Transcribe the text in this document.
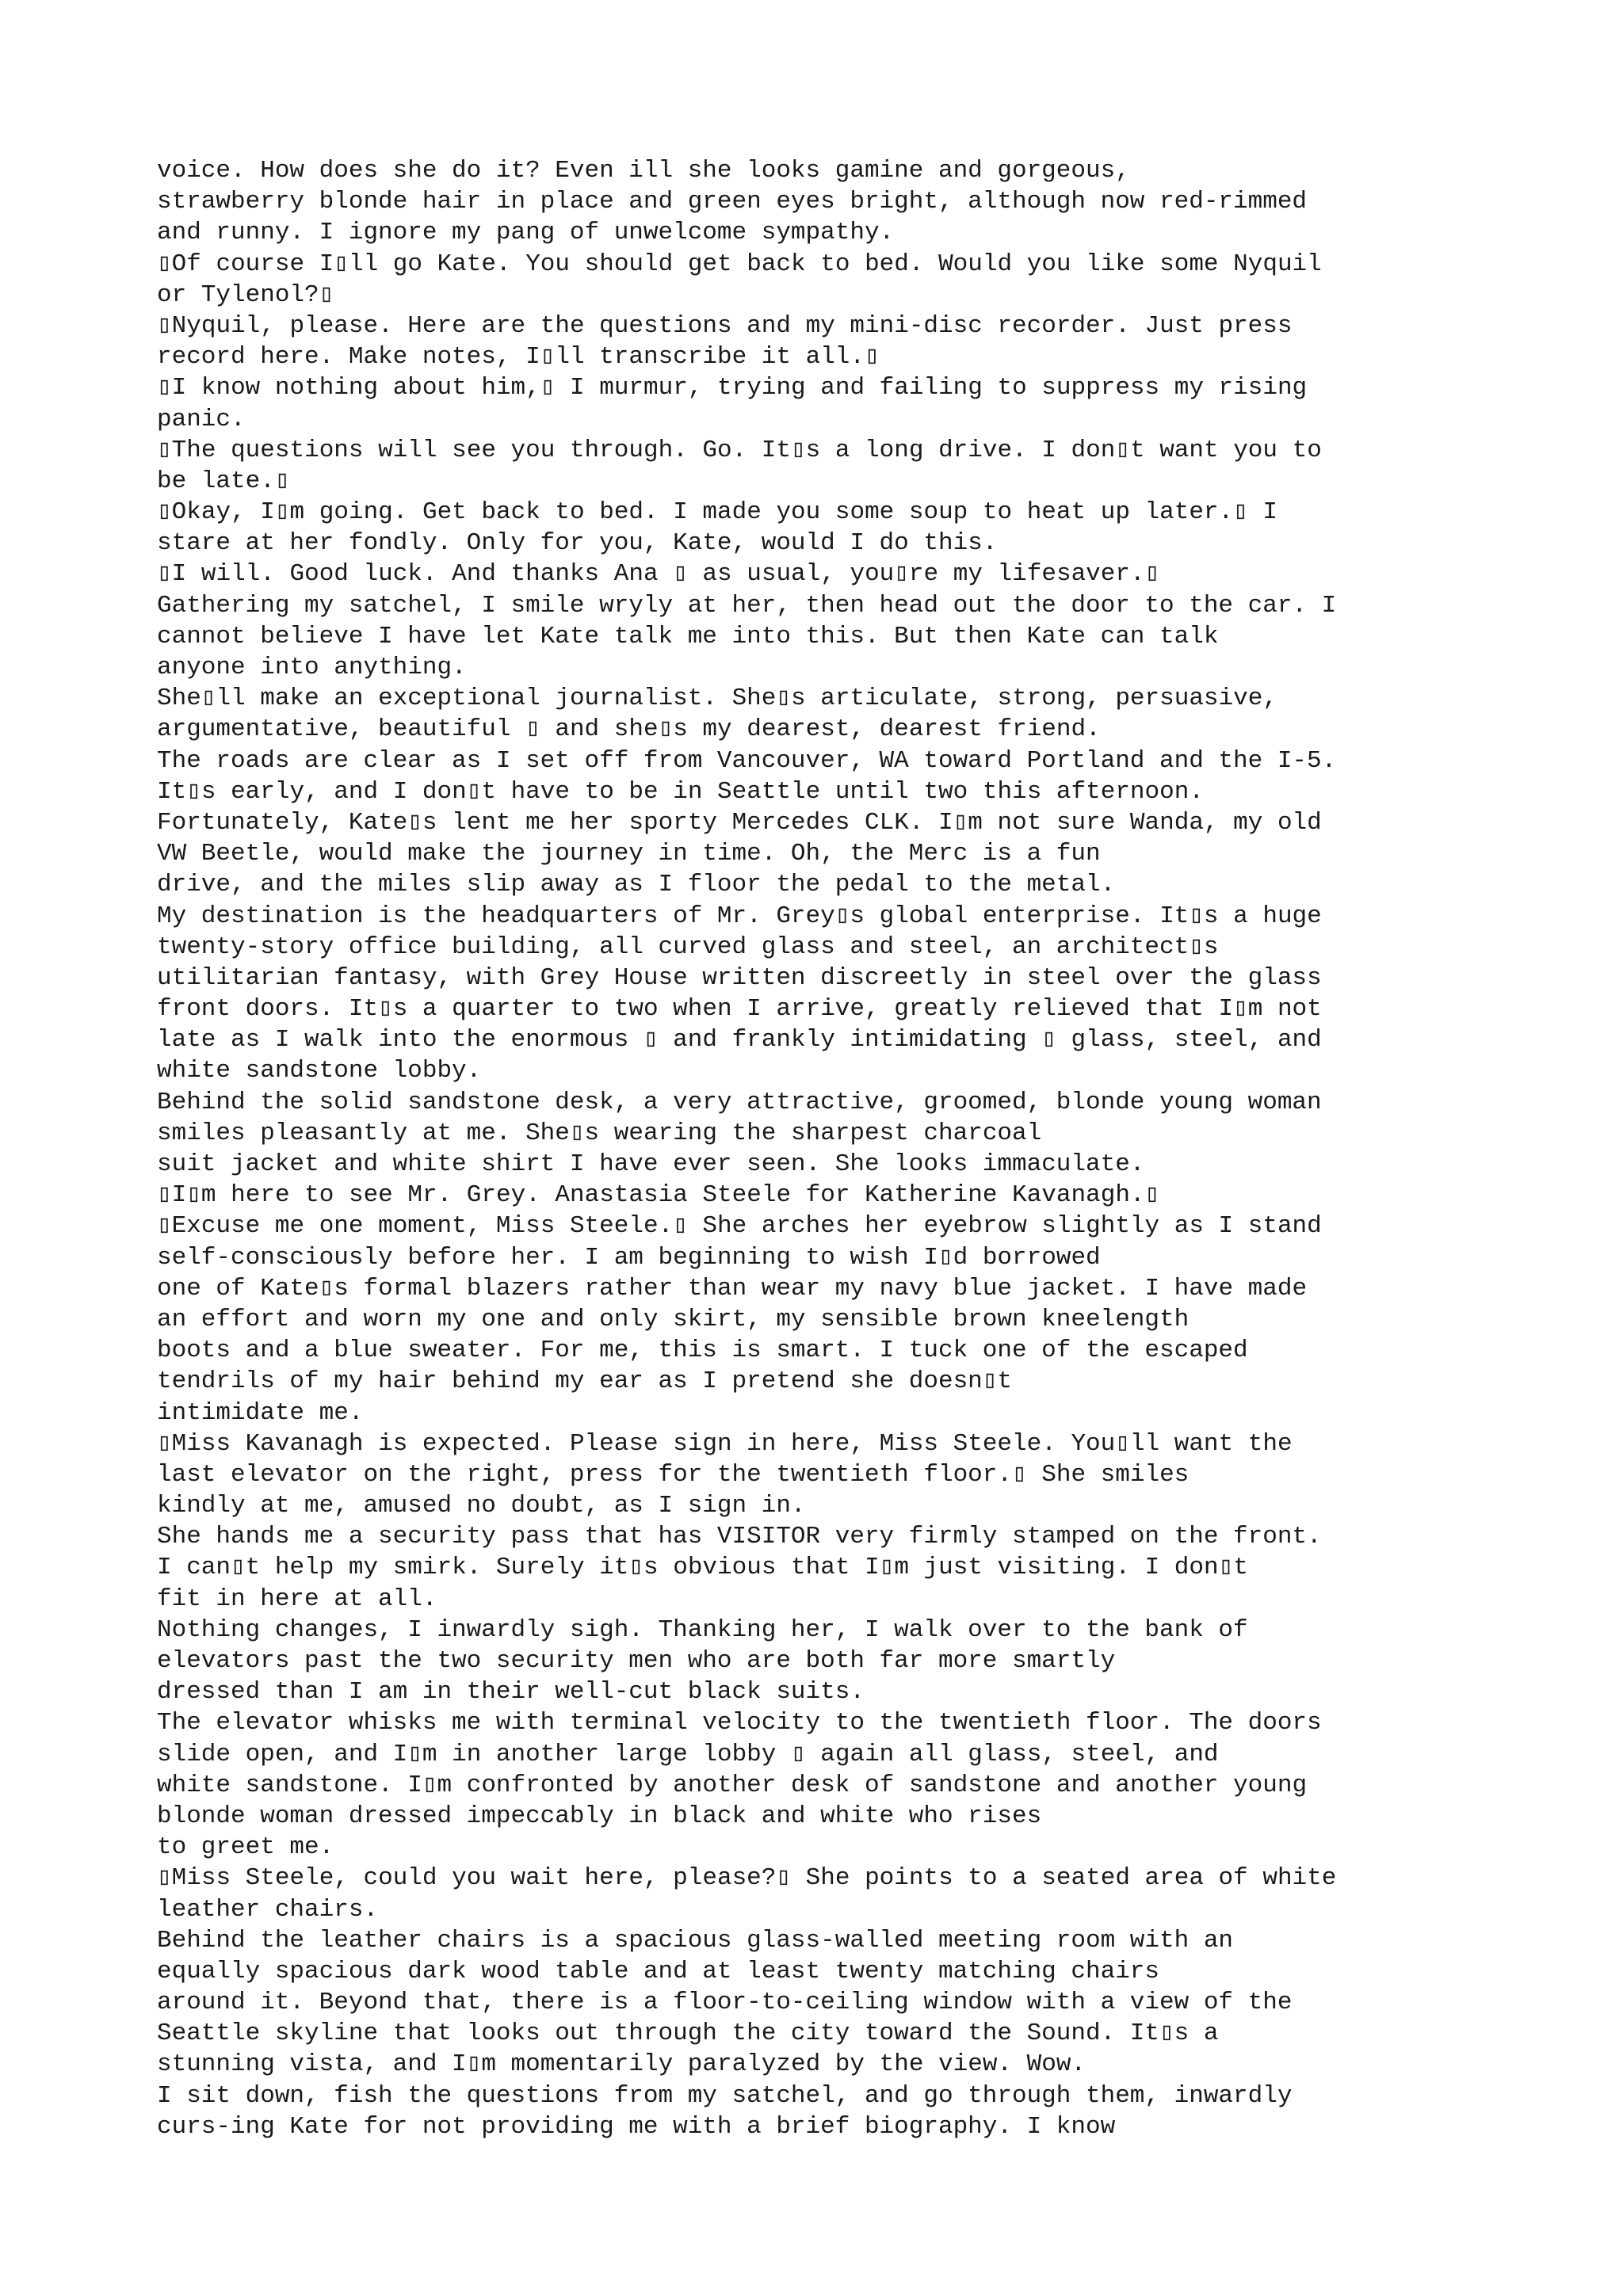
voice. How does she do it? Even ill she looks gamine and gorgeous,
strawberry blonde hair in place and green eyes bright, although now red-rimmed
and runny. I ignore my pang of unwelcome sympathy.
▯Of course I▯ll go Kate. You should get back to bed. Would you like some Nyquil
or Tylenol?▯
▯Nyquil, please. Here are the questions and my mini-disc recorder. Just press
record here. Make notes, I▯ll transcribe it all.▯
▯I know nothing about him,▯ I murmur, trying and failing to suppress my rising
panic.
▯The questions will see you through. Go. It▯s a long drive. I don▯t want you to
be late.▯
▯Okay, I▯m going. Get back to bed. I made you some soup to heat up later.▯ I
stare at her fondly. Only for you, Kate, would I do this.
▯I will. Good luck. And thanks Ana ▯ as usual, you▯re my lifesaver.▯
Gathering my satchel, I smile wryly at her, then head out the door to the car. I
cannot believe I have let Kate talk me into this. But then Kate can talk
anyone into anything.
She▯ll make an exceptional journalist. She▯s articulate, strong, persuasive,
argumentative, beautiful ▯ and she▯s my dearest, dearest friend.
The roads are clear as I set off from Vancouver, WA toward Portland and the I-5.
It▯s early, and I don▯t have to be in Seattle until two this afternoon.
Fortunately, Kate▯s lent me her sporty Mercedes CLK. I▯m not sure Wanda, my old
VW Beetle, would make the journey in time. Oh, the Merc is a fun
drive, and the miles slip away as I floor the pedal to the metal.
My destination is the headquarters of Mr. Grey▯s global enterprise. It▯s a huge
twenty-story office building, all curved glass and steel, an architect▯s
utilitarian fantasy, with Grey House written discreetly in steel over the glass
front doors. It▯s a quarter to two when I arrive, greatly relieved that I▯m not
late as I walk into the enormous ▯ and frankly intimidating ▯ glass, steel, and
white sandstone lobby.
Behind the solid sandstone desk, a very attractive, groomed, blonde young woman
smiles pleasantly at me. She▯s wearing the sharpest charcoal
suit jacket and white shirt I have ever seen. She looks immaculate.
▯I▯m here to see Mr. Grey. Anastasia Steele for Katherine Kavanagh.▯
▯Excuse me one moment, Miss Steele.▯ She arches her eyebrow slightly as I stand
self-consciously before her. I am beginning to wish I▯d borrowed
one of Kate▯s formal blazers rather than wear my navy blue jacket. I have made
an effort and worn my one and only skirt, my sensible brown kneelength
boots and a blue sweater. For me, this is smart. I tuck one of the escaped
tendrils of my hair behind my ear as I pretend she doesn▯t
intimidate me.
▯Miss Kavanagh is expected. Please sign in here, Miss Steele. You▯ll want the
last elevator on the right, press for the twentieth floor.▯ She smiles
kindly at me, amused no doubt, as I sign in.
She hands me a security pass that has VISITOR very firmly stamped on the front.
I can▯t help my smirk. Surely it▯s obvious that I▯m just visiting. I don▯t
fit in here at all.
Nothing changes, I inwardly sigh. Thanking her, I walk over to the bank of
elevators past the two security men who are both far more smartly
dressed than I am in their well-cut black suits.
The elevator whisks me with terminal velocity to the twentieth floor. The doors
slide open, and I▯m in another large lobby ▯ again all glass, steel, and
white sandstone. I▯m confronted by another desk of sandstone and another young
blonde woman dressed impeccably in black and white who rises
to greet me.
▯Miss Steele, could you wait here, please?▯ She points to a seated area of white
leather chairs.
Behind the leather chairs is a spacious glass-walled meeting room with an
equally spacious dark wood table and at least twenty matching chairs
around it. Beyond that, there is a floor-to-ceiling window with a view of the
Seattle skyline that looks out through the city toward the Sound. It▯s a
stunning vista, and I▯m momentarily paralyzed by the view. Wow.
I sit down, fish the questions from my satchel, and go through them, inwardly
curs-ing Kate for not providing me with a brief biography. I know
